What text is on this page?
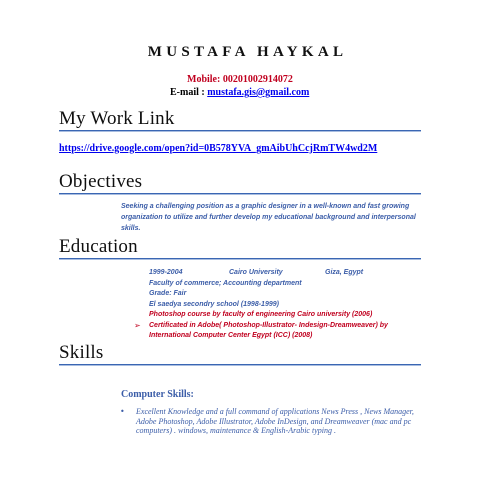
MUSTAFA HAYKAL
Mobile: 00201002914072
E-mail : mustafa.gis@gmail.com
My Work Link
https://drive.google.com/open?id=0B578YVA_gmAibUhCcjRmTW4wd2M
Objectives
Seeking a challenging position as a graphic designer in a well-known and fast growing organization to utilize and further develop my educational background and interpersonal skills.
Education
1999-2004	Cairo University	Giza, Egypt
Faculty of commerce; Accounting department
Grade: Fair
El saedya secondry school (1998-1999)
Photoshop course by faculty of engineering Cairo university (2006)
➢ Certificated in Adobe( Photoshop-Illustrator- Indesign-Dreamweaver) by
International Computer Center Egypt (ICC) (2008)
Skills
Computer Skills:
• Excellent Knowledge and a full command of applications News Press , News Manager, Adobe Photoshop, Adobe Illustrator, Adobe InDesign, and Dreamweaver (mac and pc computers) . windows, maintenance & English-Arabic typing .
